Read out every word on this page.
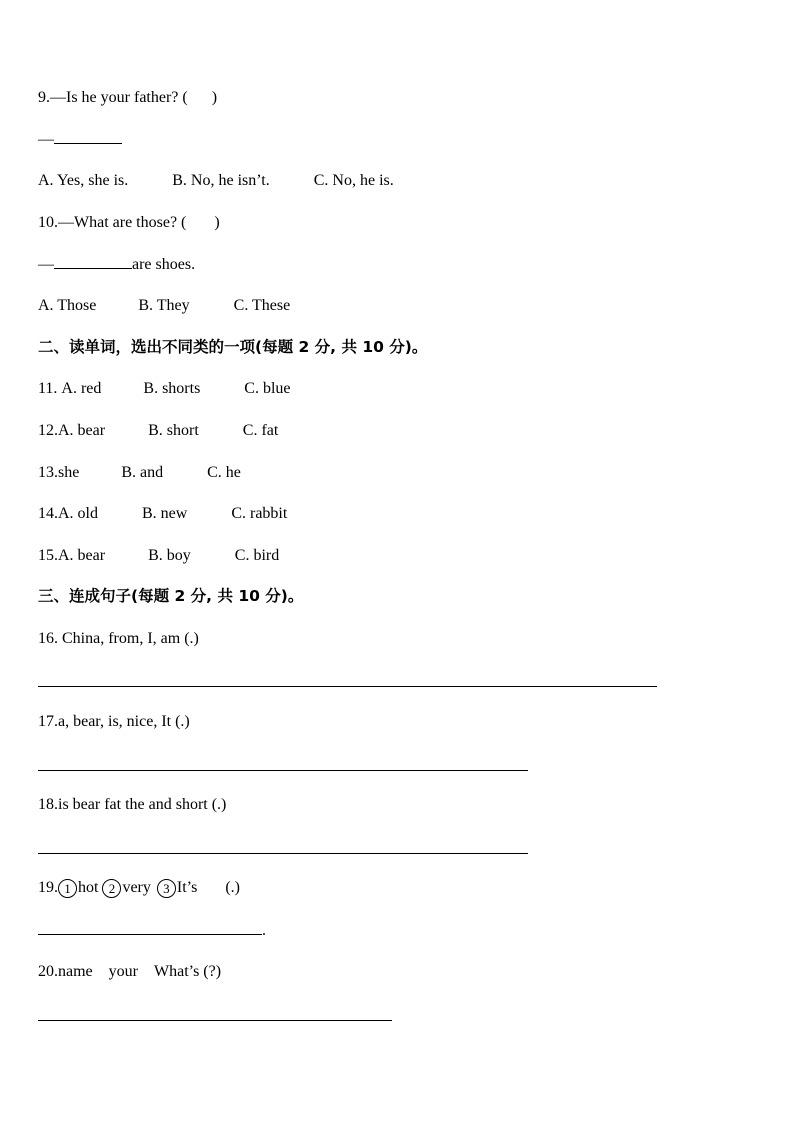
9.—Is he your father? (      )
—
A. Yes, she is.	B. No, he isn’t.	C. No, he is.
10.—What are those? (       )
—	are shoes.
A. Those	B. They	C. These
二、读单词，选出不同类的一项(每题 2 分, 共 10 分)。
11. A. red	B. shorts	C. blue
12.A. bear	B. short	C. fat
13.she	B. and	C. he
14.A. old	B. new	C. rabbit
15.A. bear	B. boy	C. bird
三、连成句子(每题 2 分, 共 10 分)。
16. China, from, I, am (.)
17.a, bear, is, nice, It (.)
18.is bear fat the and short (.)
19. 1 hot 2 very 3 It’s (.)
.
20.name your What’s (?)
